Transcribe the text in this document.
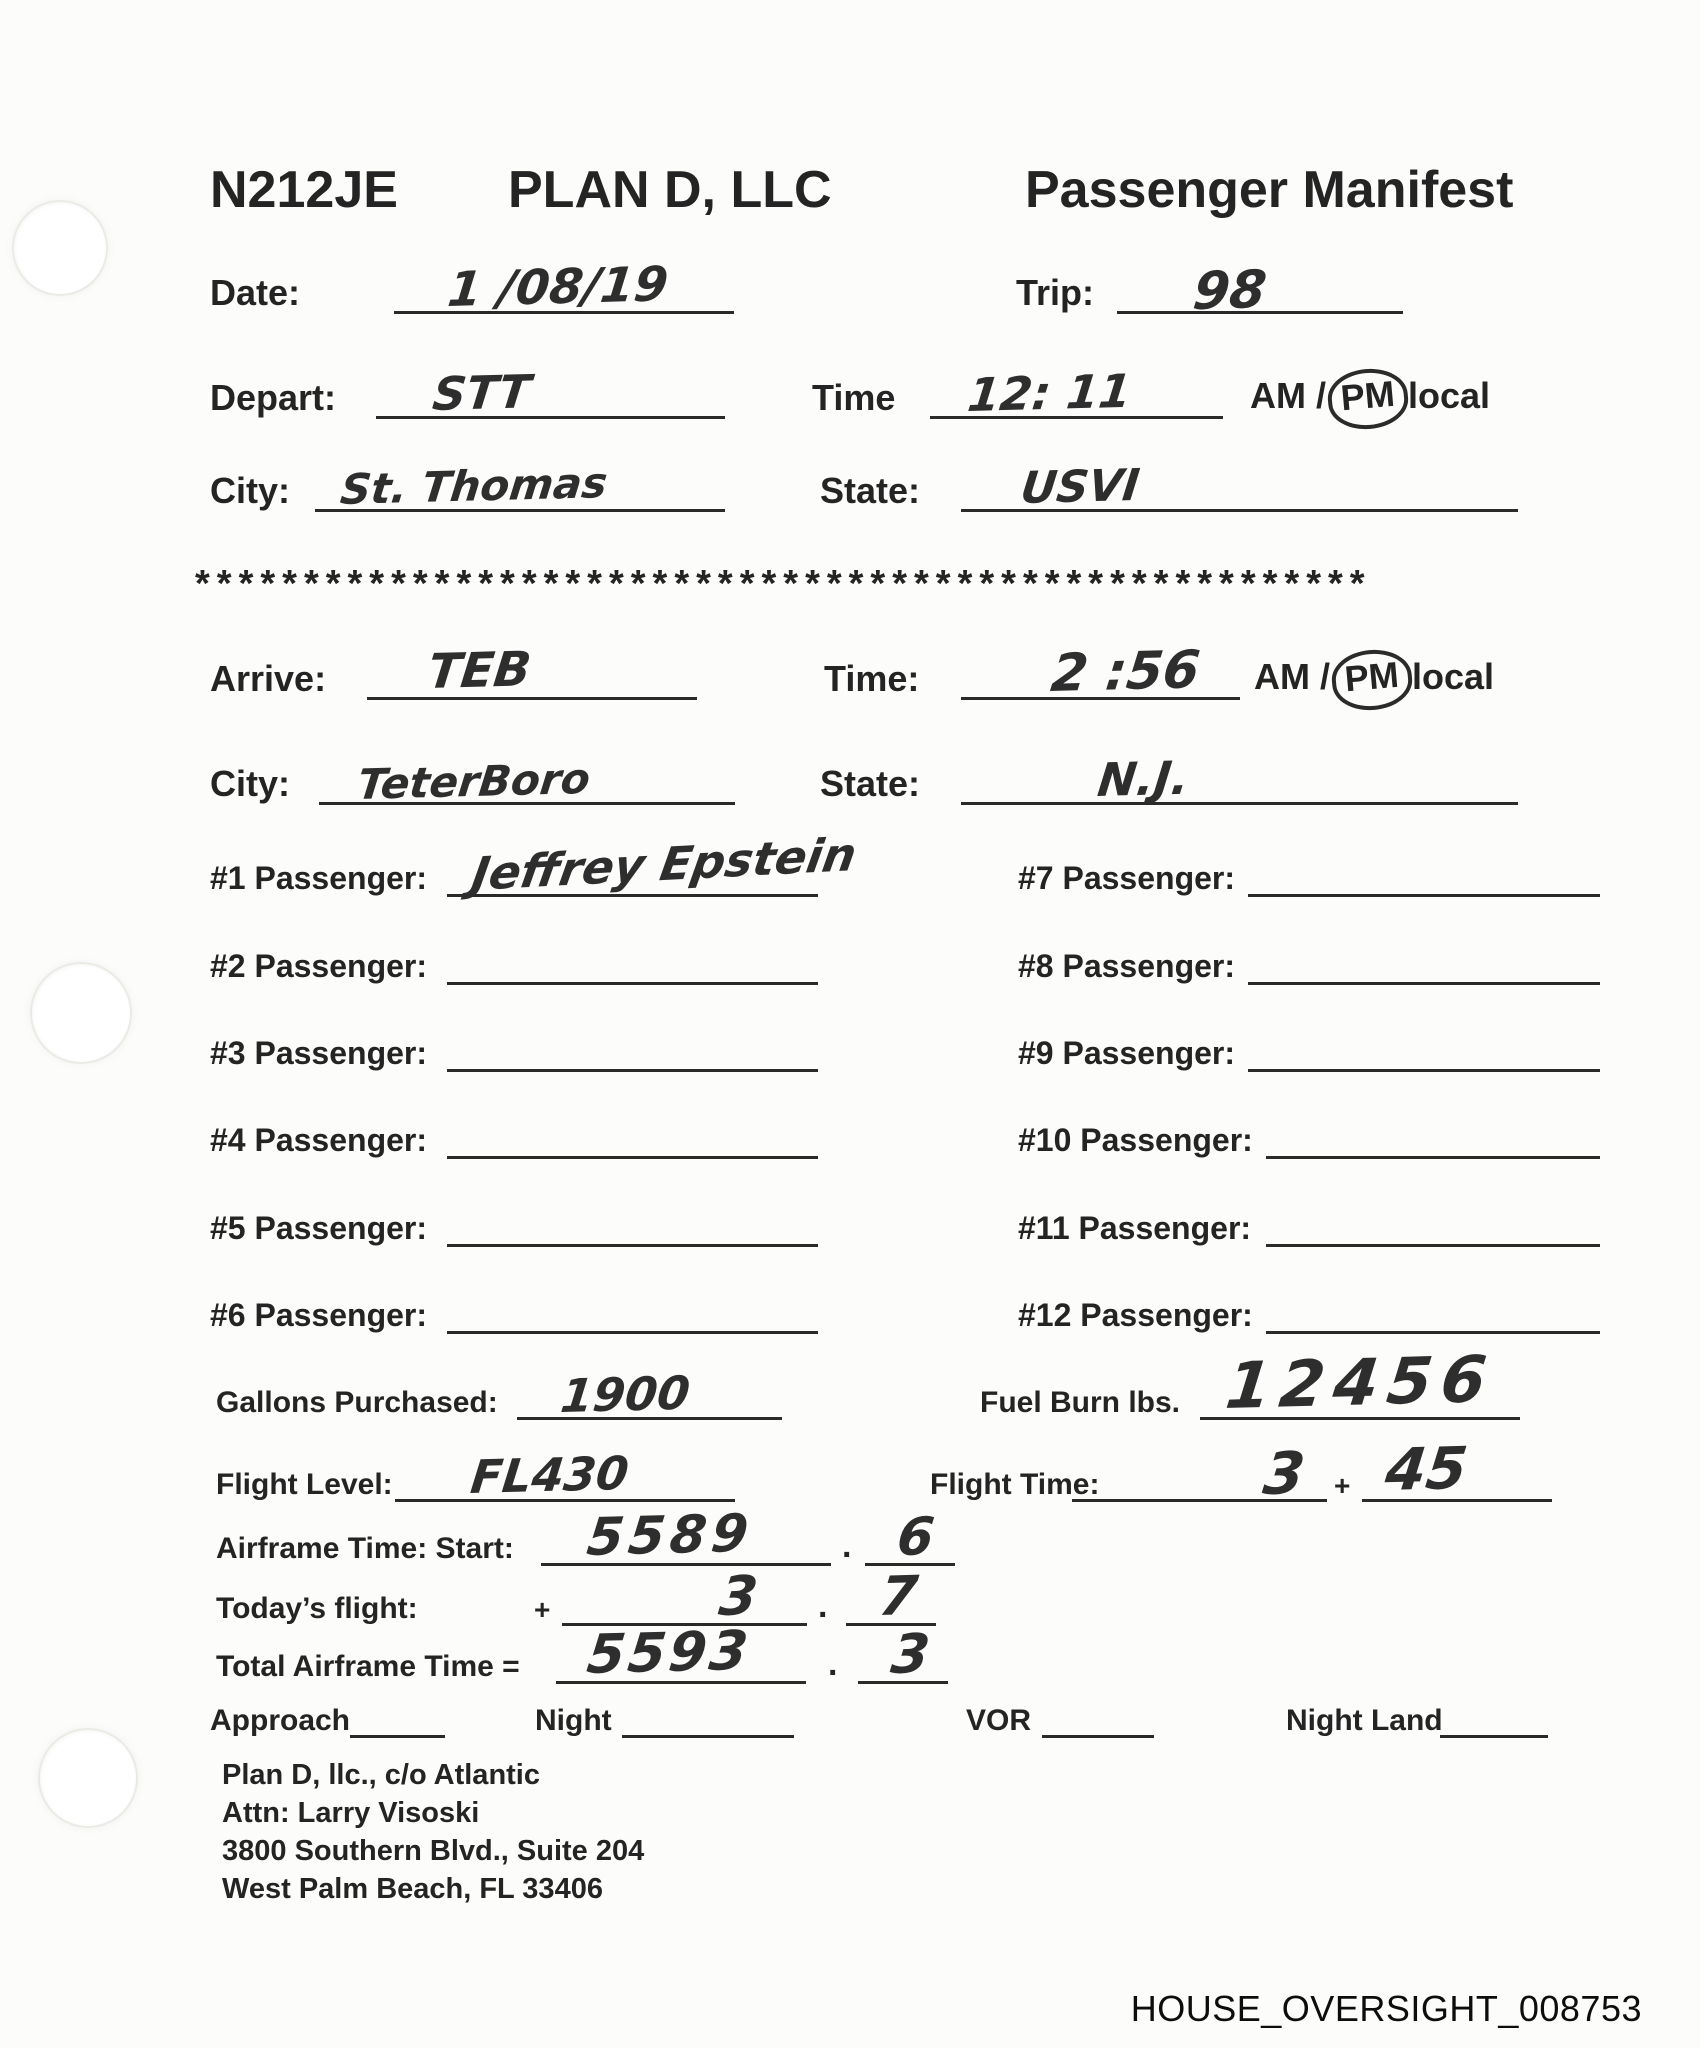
N212JE PLAN D, LLC	Passenger Manifest
Date:	1 /08/19	Trip: 98
Depart: STT	Time 12: 11	AM / PM local
City: St. Thomas	State: USVI
******************************************************
Arrive: TEB	Time: 2 :56 AM / PM local
City: TeterBoro	State:	N.J.
#1 Passenger: Jeffrey Epstein
#2 Passenger:
#3 Passenger:
#4 Passenger:
#5 Passenger:
#6 Passenger:
#7 Passenger:
#8 Passenger:
#9 Passenger:
#10 Passenger:
#11 Passenger:
#12 Passenger:
Gallons Purchased: 1900	Fuel Burn lbs. 12456
Flight Level: FL430	Flight Time:	3 + 45
Airframe Time: Start: 5589	. 6
Today’s flight:	+	3 . 7
Total Airframe Time = 5593 . 3
Approach	Night	VOR	Night Land
Plan D, llc., c/o Atlantic
Attn: Larry Visoski
3800 Southern Blvd., Suite 204
West Palm Beach, FL 33406
HOUSE_OVERSIGHT_008753
